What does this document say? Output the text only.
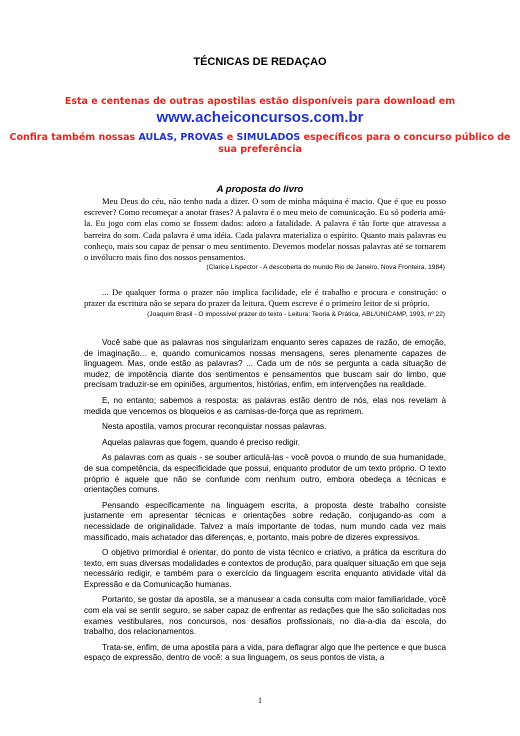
TÉCNICAS DE REDAÇAO

Esta e centenas de outras apostilas estão disponíveis para download em

www.acheiconcursos.com.br

Confira também nossas AULAS, PROVAS e SIMULADOS específicos para o concurso público de sua preferência

A proposta do livro

Meu Deus do céu, não tenho nada a dizer. O som de minha máquina é macio. Que é que eu posso escrever? Como recomeçar a anotar frases? A palavra é o meu meio de comunicação. Eu só poderia amá-la. Eu jogo com elas como se fossem dados: adoro a fatalidade. A palavra é tão forte que atravessa a barreira do som. Cada palavra é uma idéia. Cada palavra materializa o espírito. Quanto mais palavras eu conheço, mais sou capaz de pensar o meu sentimento. Devemos modelar nossas palavras até se tornarem o invólucro mais fino dos nossos pensamentos.

(Clarice Lispector - A descoberta do mundo Rio de Janeiro, Nova Fronteira, 1984)

... De qualquer forma o prazer não implica facilidade, ele é trabalho e procura e construção: o prazer da escritura não se separa do prazer da leitura. Quem escreve é o primeiro leitor de si próprio.

(Joaquim Brasil - O impossível prazer do texto - Leitura: Teoria & Prática, ABL/UNICAMP, 1993, nº 22)

Você sabe que as palavras nos singularizam enquanto seres capazes de razão, de emoção, de imaginação... e, quando comunicamos nossas mensagens, seres plenamente capazes de linguagem. Mas, onde estão as palavras? ... Cada um de nós se pergunta a cada situação de mudez, de impotência diante dos sentimentos e pensamentos que buscam sair do limbo, que precisam traduzir-se em opiniões, argumentos, histórias, enfim, em intervenções na realidade.

E, no entanto; sabemos a resposta: as palavras estão dentro de nós, elas nos revelam à medida que vencemos os bloqueios e as camisas-de-força que as reprimem.

Nesta apostila, vamos procurar reconquistar nossas palavras.

Aquelas palavras que fogem, quando é preciso redigir.

As palavras com as quais - se souber articulá-las - você povoa o mundo de sua humanidade, de sua competência, da especificidade que possui, enquanto produtor de um texto próprio. O texto próprio é aquele que não se confunde com nenhum outro, embora obedeça a técnicas e orientações comuns.

Pensando especificamente na linguagem escrita, a proposta deste trabalho consiste justamente em apresentar técnicas e orientações sobre redação, conjugando-as com a necessidade de originalidade. Talvez a mais importante de todas, num mundo cada vez mais massificado, mais achatador das diferenças, e, portanto, mais pobre de dizeres expressivos.

O objetivo primordial é orientar, do ponto de vista técnico e criativo, a prática da escritura do texto, em suas diversas modalidades e contextos de produção, para qualquer situação em que seja necessário redigir, e também para o exercício da linguagem escrita enquanto atividade vital da Expressão e da Comunicação humanas.

Portanto, se gostar da apostila, se a manusear a cada consulta com maior familiaridade, você com ela vai se sentir seguro, se saber capaz de enfrentar as redações que lhe são solicitadas nos exames vestibulares, nos concursos, nos desafios profissionais, no dia-a-dia da escola, do trabalho, dos relacionamentos.

Trata-se, enfim, de uma apostila para a vida, para deflagrar algo que lhe pertence e que busca espaço de expressão, dentro de você: a sua linguagem, os seus pontos de vista, a

1
